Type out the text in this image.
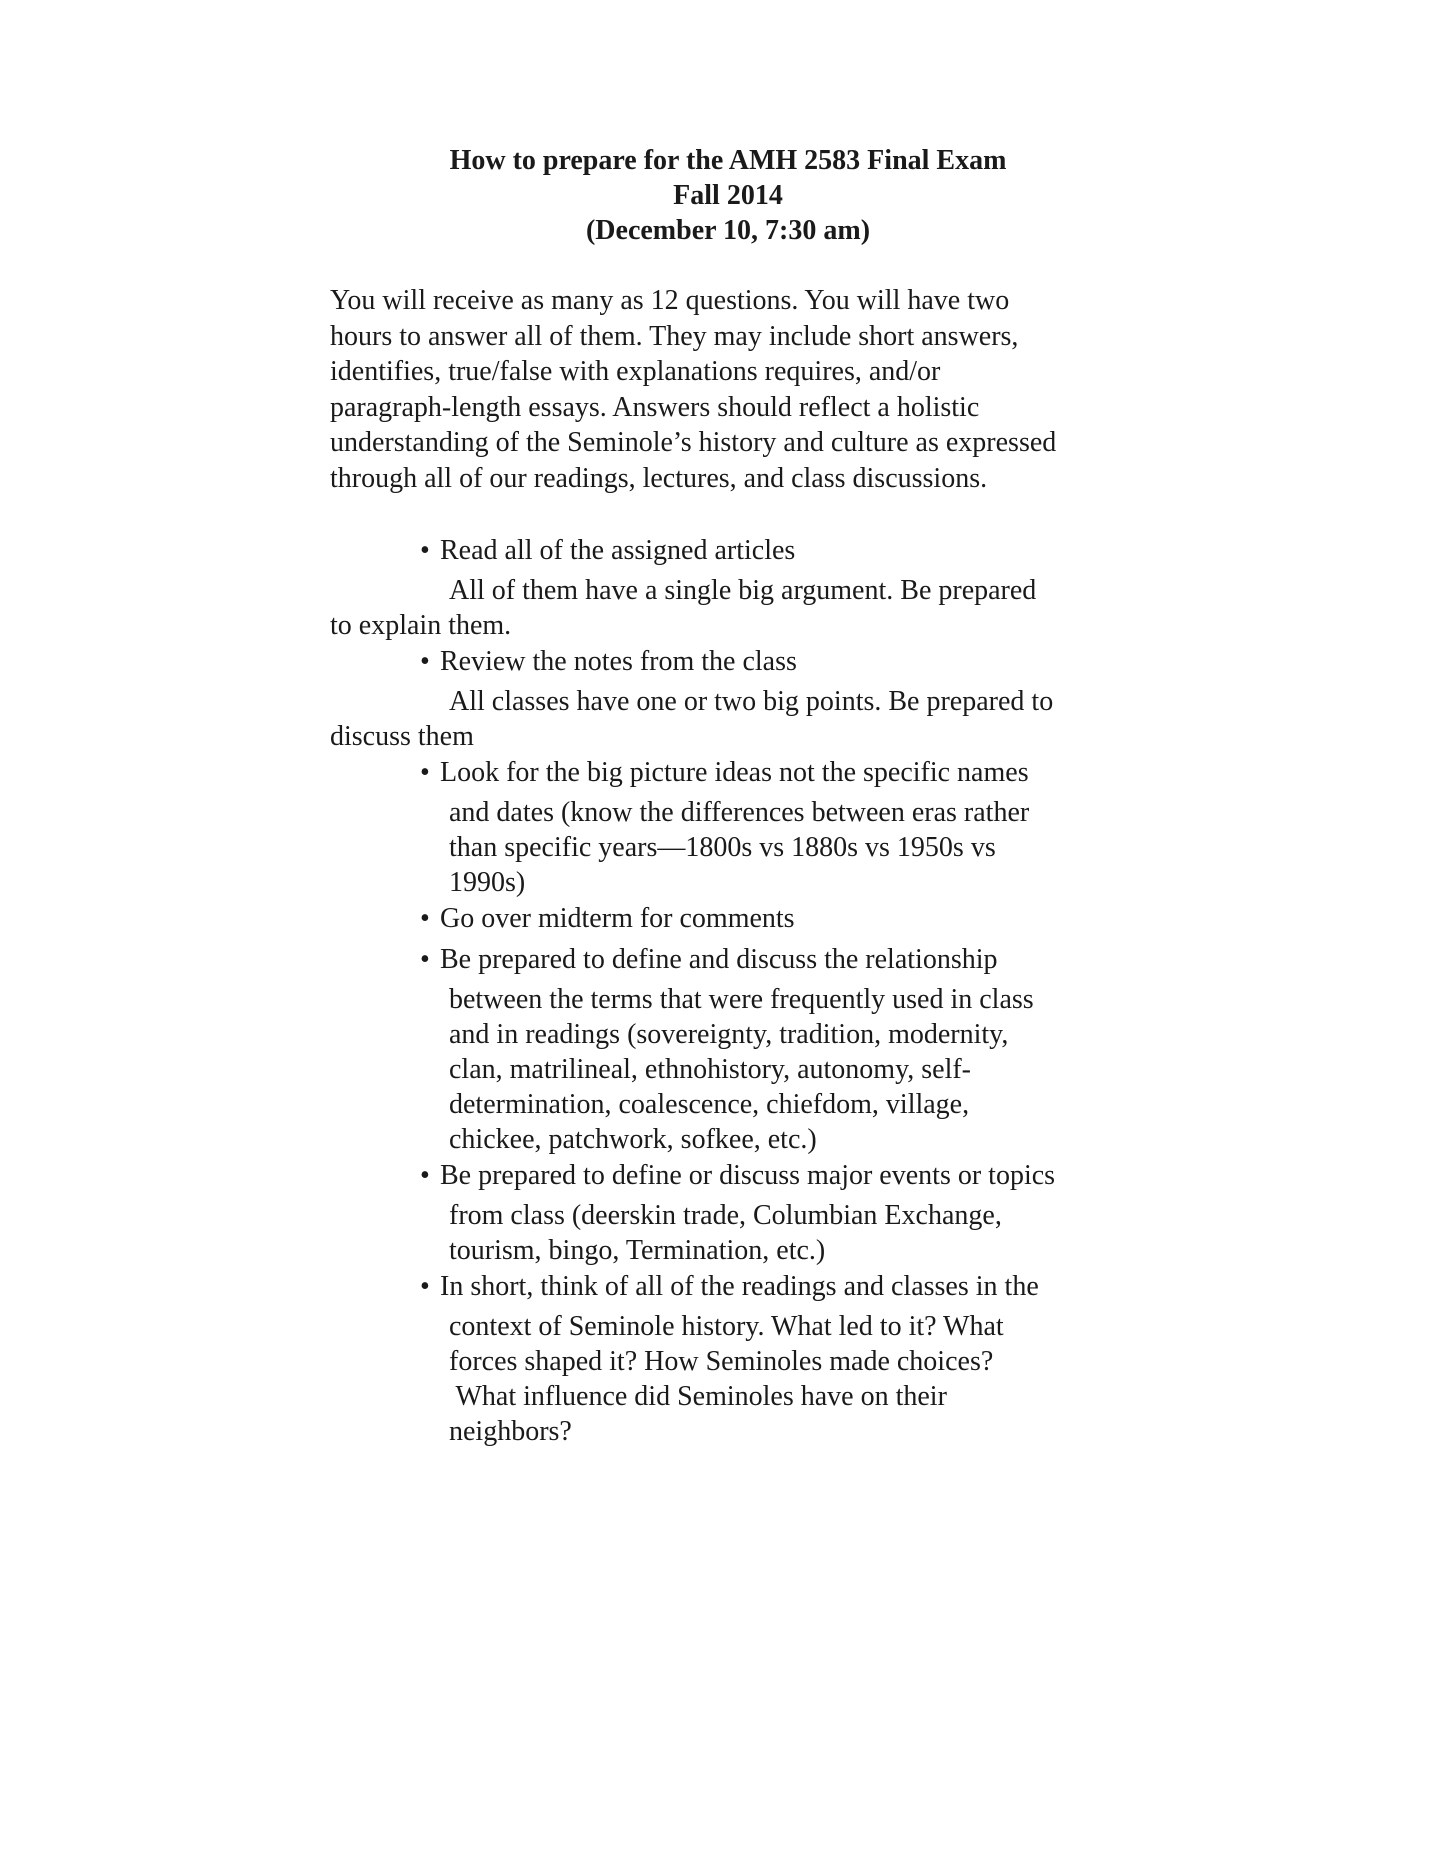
How to prepare for the AMH 2583 Final Exam
Fall 2014
(December 10, 7:30 am)
You will receive as many as 12 questions. You will have two
hours to answer all of them. They may include short answers,
identifies, true/false with explanations requires, and/or
paragraph-length essays. Answers should reflect a holistic
understanding of the Seminole’s history and culture as expressed
through all of our readings, lectures, and class discussions.
• Read all of the assigned articles
All of them have a single big argument. Be prepared
to explain them.
• Review the notes from the class
All classes have one or two big points. Be prepared to
discuss them
• Look for the big picture ideas not the specific names
and dates (know the differences between eras rather
than specific years—1800s vs 1880s vs 1950s vs
1990s)
• Go over midterm for comments
• Be prepared to define and discuss the relationship
between the terms that were frequently used in class
and in readings (sovereignty, tradition, modernity,
clan, matrilineal, ethnohistory, autonomy, self-
determination, coalescence, chiefdom, village,
chickee, patchwork, sofkee, etc.)
• Be prepared to define or discuss major events or topics
from class (deerskin trade, Columbian Exchange,
tourism, bingo, Termination, etc.)
• In short, think of all of the readings and classes in the
context of Seminole history. What led to it? What
forces shaped it? How Seminoles made choices?
What influence did Seminoles have on their
neighbors?
